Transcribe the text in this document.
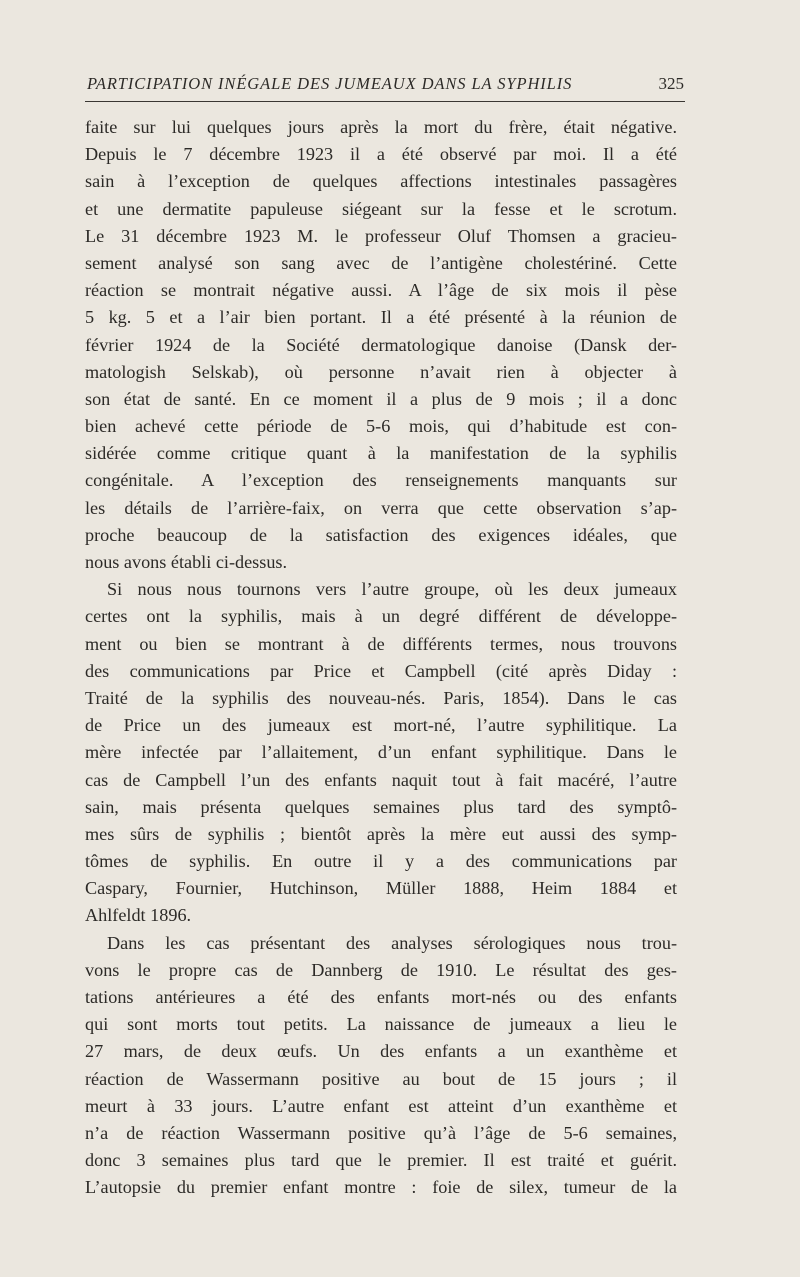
PARTICIPATION INÉGALE DES JUMEAUX DANS LA SYPHILIS	325
faite sur lui quelques jours après la mort du frère, était négative.
Depuis le 7 décembre 1923 il a été observé par moi. Il a été
sain à l’exception de quelques affections intestinales passagères
et une dermatite papuleuse siégeant sur la fesse et le scrotum.
Le 31 décembre 1923 M. le professeur Oluf Thomsen a gracieu-
sement analysé son sang avec de l’antigène cholestériné. Cette
réaction se montrait négative aussi. A l’âge de six mois il pèse
5 kg. 5 et a l’air bien portant. Il a été présenté à la réunion de
février 1924 de la Société dermatologique danoise (Dansk der-
matologish Selskab), où personne n’avait rien à objecter à
son état de santé. En ce moment il a plus de 9 mois ; il a donc
bien achevé cette période de 5-6 mois, qui d’habitude est con-
sidérée comme critique quant à la manifestation de la syphilis
congénitale. A l’exception des renseignements manquants sur
les détails de l’arrière-faix, on verra que cette observation s’ap-
proche beaucoup de la satisfaction des exigences idéales, que
nous avons établi ci-dessus.
Si nous nous tournons vers l’autre groupe, où les deux jumeaux
certes ont la syphilis, mais à un degré différent de développe-
ment ou bien se montrant à de différents termes, nous trouvons
des communications par Price et Campbell (cité après Diday :
Traité de la syphilis des nouveau-nés. Paris, 1854). Dans le cas
de Price un des jumeaux est mort-né, l’autre syphilitique. La
mère infectée par l’allaitement, d’un enfant syphilitique. Dans le
cas de Campbell l’un des enfants naquit tout à fait macéré, l’autre
sain, mais présenta quelques semaines plus tard des symptô-
mes sûrs de syphilis ; bientôt après la mère eut aussi des symp-
tômes de syphilis. En outre il y a des communications par
Caspary, Fournier, Hutchinson, Müller 1888, Heim 1884 et
Ahlfeldt 1896.
Dans les cas présentant des analyses sérologiques nous trou-
vons le propre cas de Dannberg de 1910. Le résultat des ges-
tations antérieures a été des enfants mort-nés ou des enfants
qui sont morts tout petits. La naissance de jumeaux a lieu le
27 mars, de deux œufs. Un des enfants a un exanthème et
réaction de Wassermann positive au bout de 15 jours ; il
meurt à 33 jours. L’autre enfant est atteint d’un exanthème et
n’a de réaction Wassermann positive qu’à l’âge de 5-6 semaines,
donc 3 semaines plus tard que le premier. Il est traité et guérit.
L’autopsie du premier enfant montre : foie de silex, tumeur de la
